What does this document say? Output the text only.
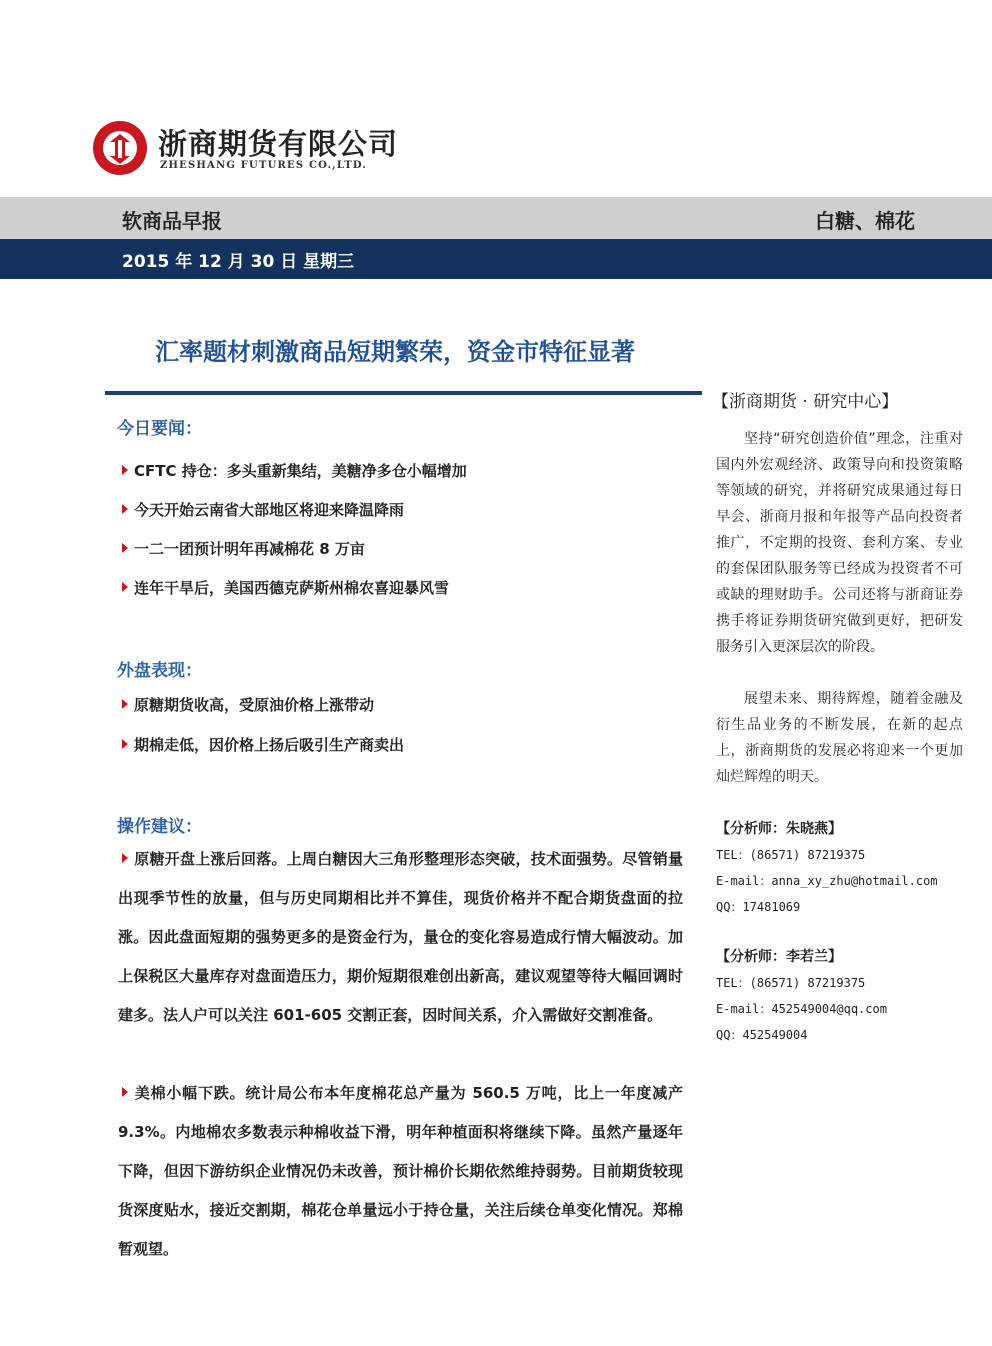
浙商期货有限公司
ZHESHANG FUTURES CO.,LTD.
软商品早报	白糖、棉花
2015 年 12 月 30 日 星期三
汇率题材刺激商品短期繁荣，资金市特征显著
今日要闻：
CFTC 持仓：多头重新集结，美糖净多仓小幅增加
今天开始云南省大部地区将迎来降温降雨
一二一团预计明年再减棉花 8 万亩
连年干旱后，美国西德克萨斯州棉农喜迎暴风雪
外盘表现：
原糖期货收高，受原油价格上涨带动
期棉走低，因价格上扬后吸引生产商卖出
操作建议：
原糖开盘上涨后回落。上周白糖因大三角形整理形态突破，技术面强势。尽管销量出现季节性的放量，但与历史同期相比并不算佳，现货价格并不配合期货盘面的拉涨。因此盘面短期的强势更多的是资金行为，量仓的变化容易造成行情大幅波动。加上保税区大量库存对盘面造压力，期价短期很难创出新高，建议观望等待大幅回调时建多。法人户可以关注 601-605 交割正套，因时间关系，介入需做好交割准备。
美棉小幅下跌。统计局公布本年度棉花总产量为 560.5 万吨，比上一年度减产 9.3%。内地棉农多数表示种棉收益下滑，明年种植面积将继续下降。虽然产量逐年下降，但因下游纺织企业情况仍未改善，预计棉价长期依然维持弱势。目前期货较现货深度贴水，接近交割期，棉花仓单量远小于持仓量，关注后续仓单变化情况。郑棉暂观望。
【浙商期货 · 研究中心】

坚持“研究创造价值”理念，注重对国内外宏观经济、政策导向和投资策略等领域的研究，并将研究成果通过每日早会、浙商月报和年报等产品向投资者推广，不定期的投资、套利方案、专业的套保团队服务等已经成为投资者不可或缺的理财助手。公司还将与浙商证券携手将证券期货研究做到更好，把研发服务引入更深层次的阶段。

展望未来、期待辉煌，随着金融及衍生品业务的不断发展，在新的起点上，浙商期货的发展必将迎来一个更加灿烂辉煌的明天。

【分析师：朱晓燕】
TEL：(86571) 87219375
E-mail：anna_xy_zhu@hotmail.com
QQ：17481069
【分析师：李若兰】
TEL：(86571) 87219375
E-mail：452549004@qq.com
QQ：452549004
